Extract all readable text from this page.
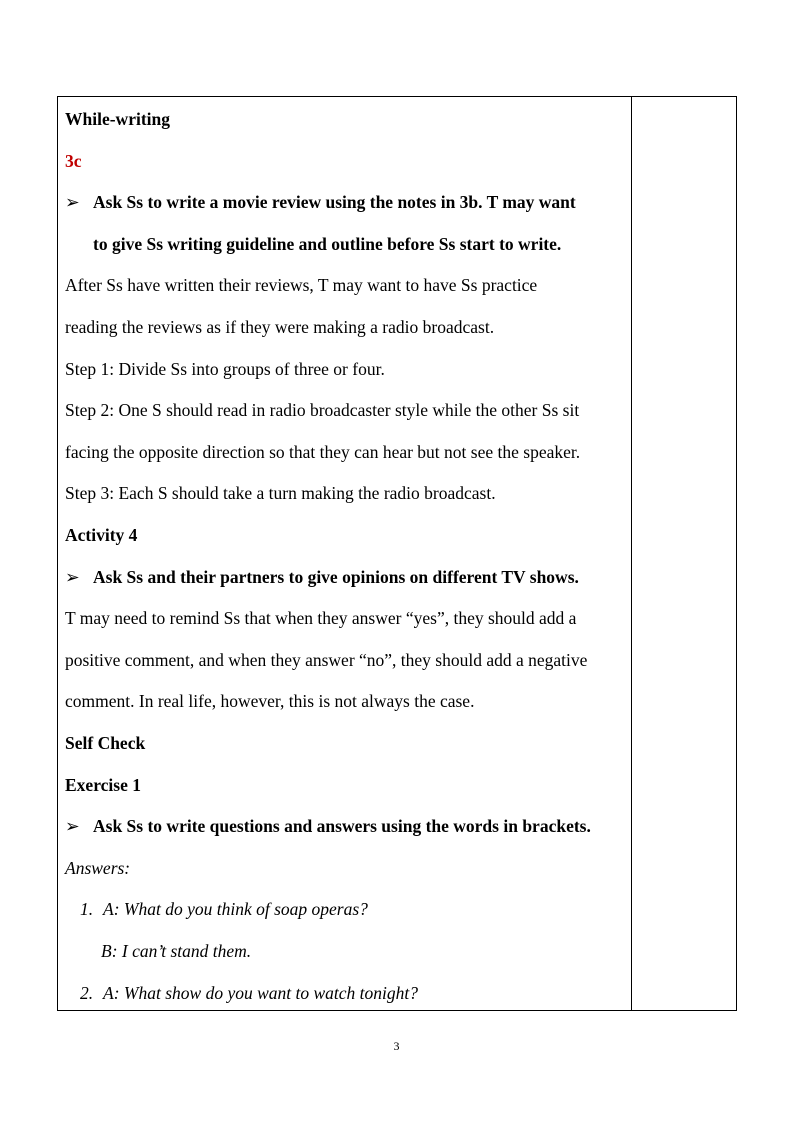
While-writing
3c
➢ Ask Ss to write a movie review using the notes in 3b. T may want
to give Ss writing guideline and outline before Ss start to write.
After Ss have written their reviews, T may want to have Ss practice
reading the reviews as if they were making a radio broadcast.
Step 1: Divide Ss into groups of three or four.
Step 2: One S should read in radio broadcaster style while the other Ss sit
facing the opposite direction so that they can hear but not see the speaker.
Step 3: Each S should take a turn making the radio broadcast.
Activity 4
➢ Ask Ss and their partners to give opinions on different TV shows.
T may need to remind Ss that when they answer “yes”, they should add a
positive comment, and when they answer “no”, they should add a negative
comment. In real life, however, this is not always the case.
Self Check
Exercise 1
➢ Ask Ss to write questions and answers using the words in brackets.
Answers:
1. A: What do you think of soap operas?
B: I can’t stand them.
2. A: What show do you want to watch tonight?
3
